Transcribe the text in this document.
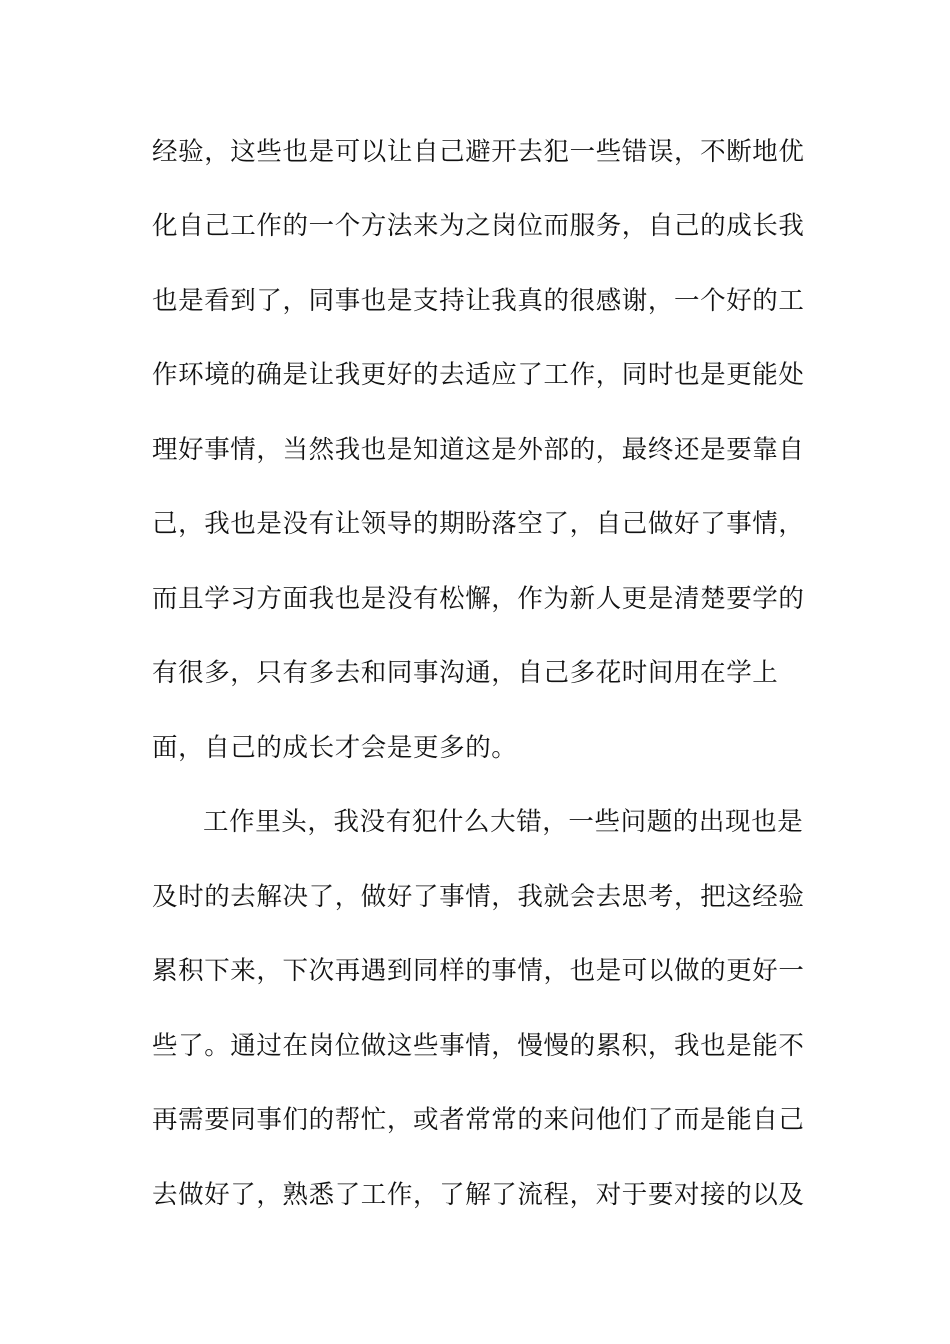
经验，这些也是可以让自己避开去犯一些错误，不断地优
化自己工作的一个方法来为之岗位而服务，自己的成长我
也是看到了，同事也是支持让我真的很感谢，一个好的工
作环境的确是让我更好的去适应了工作，同时也是更能处
理好事情，当然我也是知道这是外部的，最终还是要靠自
己，我也是没有让领导的期盼落空了，自己做好了事情，
而且学习方面我也是没有松懈，作为新人更是清楚要学的
有很多，只有多去和同事沟通，自己多花时间用在学上
面，自己的成长才会是更多的。
工作里头，我没有犯什么大错，一些问题的出现也是
及时的去解决了，做好了事情，我就会去思考，把这经验
累积下来，下次再遇到同样的事情，也是可以做的更好一
些了。通过在岗位做这些事情，慢慢的累积，我也是能不
再需要同事们的帮忙，或者常常的来问他们了而是能自己
去做好了，熟悉了工作，了解了流程，对于要对接的以及
